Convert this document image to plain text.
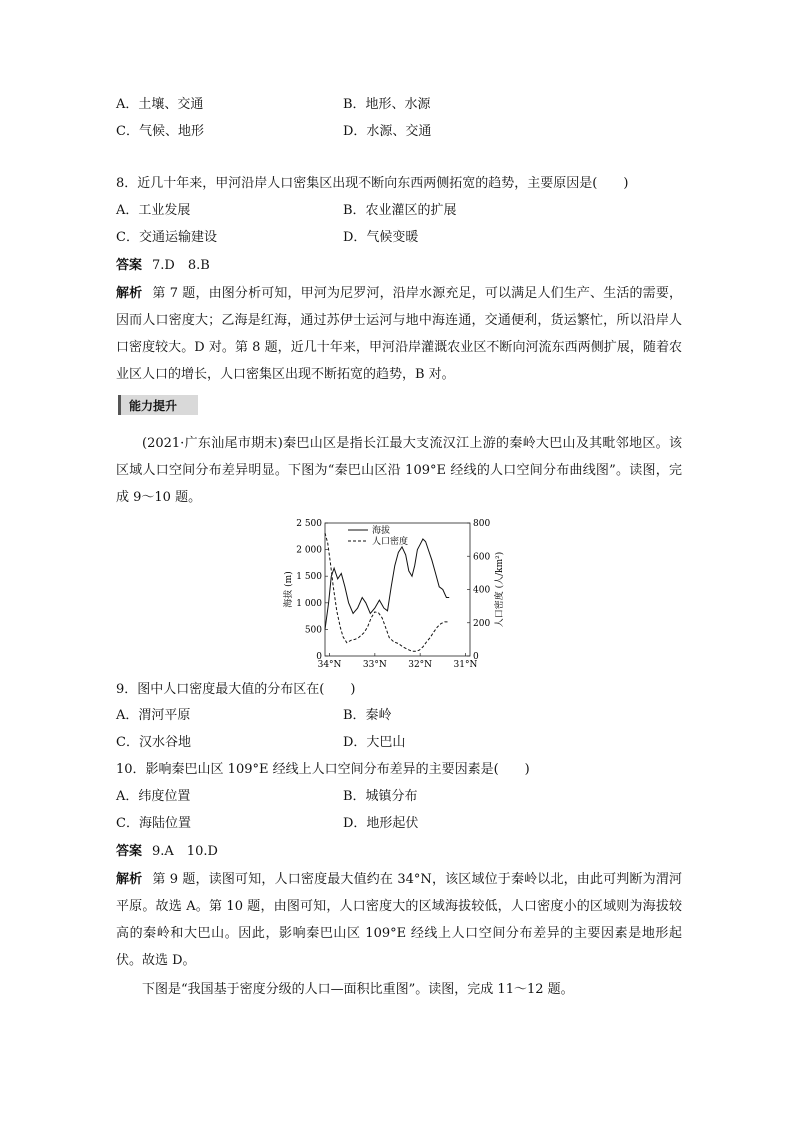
A．土壤、交通	B．地形、水源
C．气候、地形	D．水源、交通
8．近几十年来，甲河沿岸人口密集区出现不断向东西两侧拓宽的趋势，主要原因是(　　)
A．工业发展	B．农业灌区的扩展
C．交通运输建设	D．气候变暖
答案 7.D　8.B
解析 第 7 题，由图分析可知，甲河为尼罗河，沿岸水源充足，可以满足人们生产、生活的需要，因而人口密度大；乙海是红海，通过苏伊士运河与地中海连通，交通便利，货运繁忙，所以沿岸人口密度较大。D 对。第 8 题，近几十年来，甲河沿岸灌溉农业区不断向河流东西两侧扩展，随着农业区人口的增长，人口密集区出现不断拓宽的趋势，B 对。
能力提升
(2021·广东汕尾市期末)秦巴山区是指长江最大支流汉江上游的秦岭大巴山及其毗邻地区。该区域人口空间分布差异明显。下图为“秦巴山区沿 109°E 经线的人口空间分布曲线图”。读图，完成 9～10 题。
0
500
1 000
1 500
2 000
2 500
0
200
400
600
800
34°N 33°N 32°N 31°N
海拔 (m)	人口密度 (人/km²)
海拔
人口密度
9．图中人口密度最大值的分布区在(　　)
A．渭河平原	B．秦岭
C．汉水谷地	D．大巴山
10．影响秦巴山区 109°E 经线上人口空间分布差异的主要因素是(　　)
A．纬度位置	B．城镇分布
C．海陆位置	D．地形起伏
答案 9.A　10.D
解析 第 9 题，读图可知，人口密度最大值约在 34°N，该区域位于秦岭以北，由此可判断为渭河平原。故选 A。第 10 题，由图可知，人口密度大的区域海拔较低，人口密度小的区域则为海拔较高的秦岭和大巴山。因此，影响秦巴山区 109°E 经线上人口空间分布差异的主要因素是地形起伏。故选 D。
下图是“我国基于密度分级的人口—面积比重图”。读图，完成 11～12 题。
